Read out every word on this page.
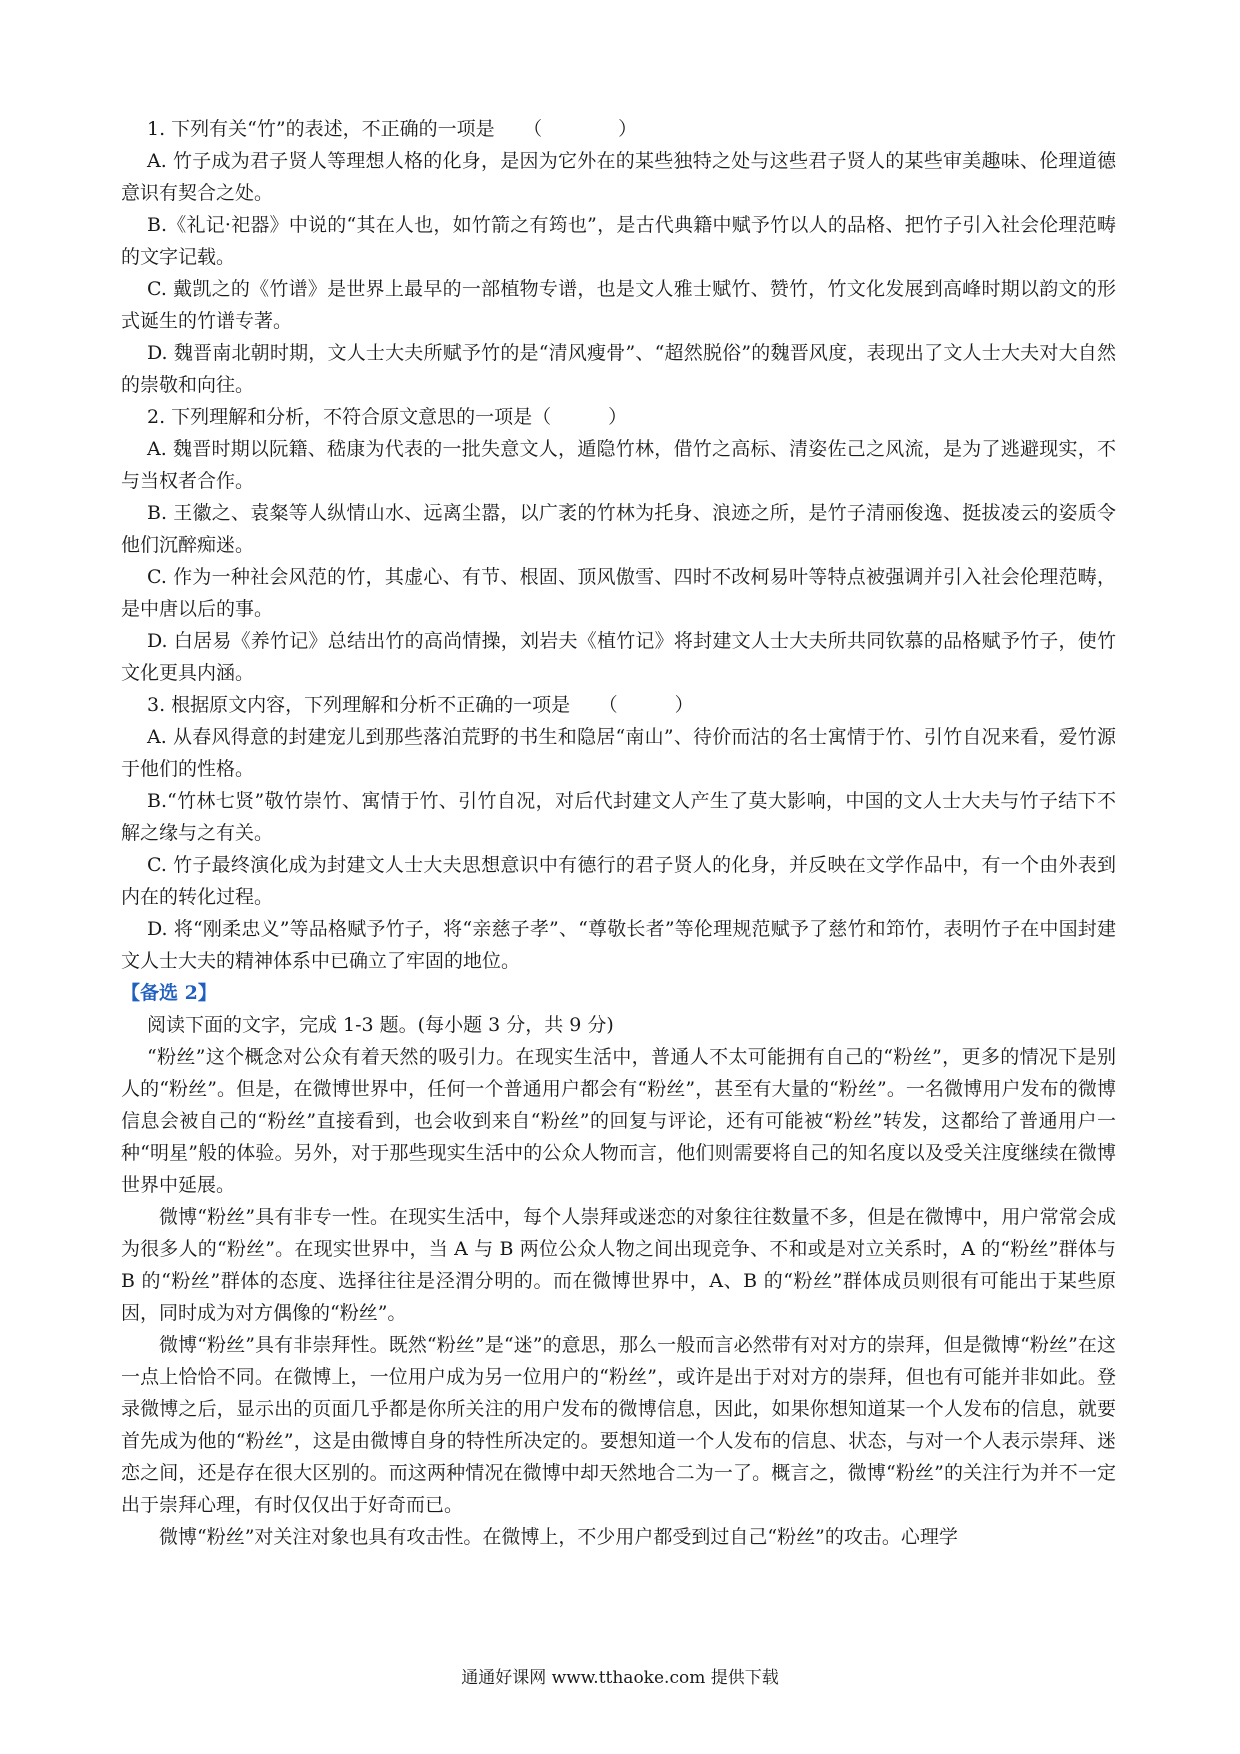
1. 下列有关“竹”的表述，不正确的一项是　　（　　　　）

A. 竹子成为君子贤人等理想人格的化身，是因为它外在的某些独特之处与这些君子贤人的某些审美趣味、伦理道德意识有契合之处。

B.《礼记·祀器》中说的“其在人也，如竹箭之有筠也”，是古代典籍中赋予竹以人的品格、把竹子引入社会伦理范畴的文字记载。

C. 戴凯之的《竹谱》是世界上最早的一部植物专谱，也是文人雅士赋竹、赞竹，竹文化发展到高峰时期以韵文的形式诞生的竹谱专著。

D. 魏晋南北朝时期，文人士大夫所赋予竹的是“清风瘦骨”、“超然脱俗”的魏晋风度，表现出了文人士大夫对大自然的崇敬和向往。

2. 下列理解和分析，不符合原文意思的一项是（　　　）

A. 魏晋时期以阮籍、嵇康为代表的一批失意文人，遁隐竹林，借竹之高标、清姿佐己之风流，是为了逃避现实，不与当权者合作。

B. 王徽之、袁粲等人纵情山水、远离尘嚣，以广袤的竹林为托身、浪迹之所，是竹子清丽俊逸、挺拔凌云的姿质令他们沉醉痴迷。

C. 作为一种社会风范的竹，其虚心、有节、根固、顶风傲雪、四时不改柯易叶等特点被强调并引入社会伦理范畴，是中唐以后的事。

D. 白居易《养竹记》总结出竹的高尚情操，刘岩夫《植竹记》将封建文人士大夫所共同钦慕的品格赋予竹子，使竹文化更具内涵。

3. 根据原文内容，下列理解和分析不正确的一项是　　（　　　）

A. 从春风得意的封建宠儿到那些落泊荒野的书生和隐居“南山”、待价而沽的名士寓情于竹、引竹自况来看，爱竹源于他们的性格。

B.“竹林七贤”敬竹崇竹、寓情于竹、引竹自况，对后代封建文人产生了莫大影响，中国的文人士大夫与竹子结下不解之缘与之有关。

C. 竹子最终演化成为封建文人士大夫思想意识中有德行的君子贤人的化身，并反映在文学作品中，有一个由外表到内在的转化过程。

D. 将“刚柔忠义”等品格赋予竹子，将“亲慈子孝”、“尊敬长者”等伦理规范赋予了慈竹和笻竹，表明竹子在中国封建文人士大夫的精神体系中已确立了牢固的地位。

【备选 2】

阅读下面的文字，完成 1-3 题。(每小题 3 分，共 9 分)

“粉丝”这个概念对公众有着天然的吸引力。在现实生活中，普通人不太可能拥有自己的“粉丝”，更多的情况下是别人的“粉丝”。但是，在微博世界中，任何一个普通用户都会有“粉丝”，甚至有大量的“粉丝”。一名微博用户发布的微博信息会被自己的“粉丝”直接看到，也会收到来自“粉丝”的回复与评论，还有可能被“粉丝”转发，这都给了普通用户一种“明星”般的体验。另外，对于那些现实生活中的公众人物而言，他们则需要将自己的知名度以及受关注度继续在微博世界中延展。

微博“粉丝”具有非专一性。在现实生活中，每个人崇拜或迷恋的对象往往数量不多，但是在微博中，用户常常会成为很多人的“粉丝”。在现实世界中，当 A 与 B 两位公众人物之间出现竞争、不和或是对立关系时，A 的“粉丝”群体与 B 的“粉丝”群体的态度、选择往往是泾渭分明的。而在微博世界中，A、B 的“粉丝”群体成员则很有可能出于某些原因，同时成为对方偶像的“粉丝”。

微博“粉丝”具有非崇拜性。既然“粉丝”是“迷”的意思，那么一般而言必然带有对对方的崇拜，但是微博“粉丝”在这一点上恰恰不同。在微博上，一位用户成为另一位用户的“粉丝”，或许是出于对对方的崇拜，但也有可能并非如此。登录微博之后，显示出的页面几乎都是你所关注的用户发布的微博信息，因此，如果你想知道某一个人发布的信息，就要首先成为他的“粉丝”，这是由微博自身的特性所决定的。要想知道一个人发布的信息、状态，与对一个人表示崇拜、迷恋之间，还是存在很大区别的。而这两种情况在微博中却天然地合二为一了。概言之，微博“粉丝”的关注行为并不一定出于崇拜心理，有时仅仅出于好奇而已。

微博“粉丝”对关注对象也具有攻击性。在微博上，不少用户都受到过自己“粉丝”的攻击。心理学

通通好课网 www.tthaoke.com 提供下载
